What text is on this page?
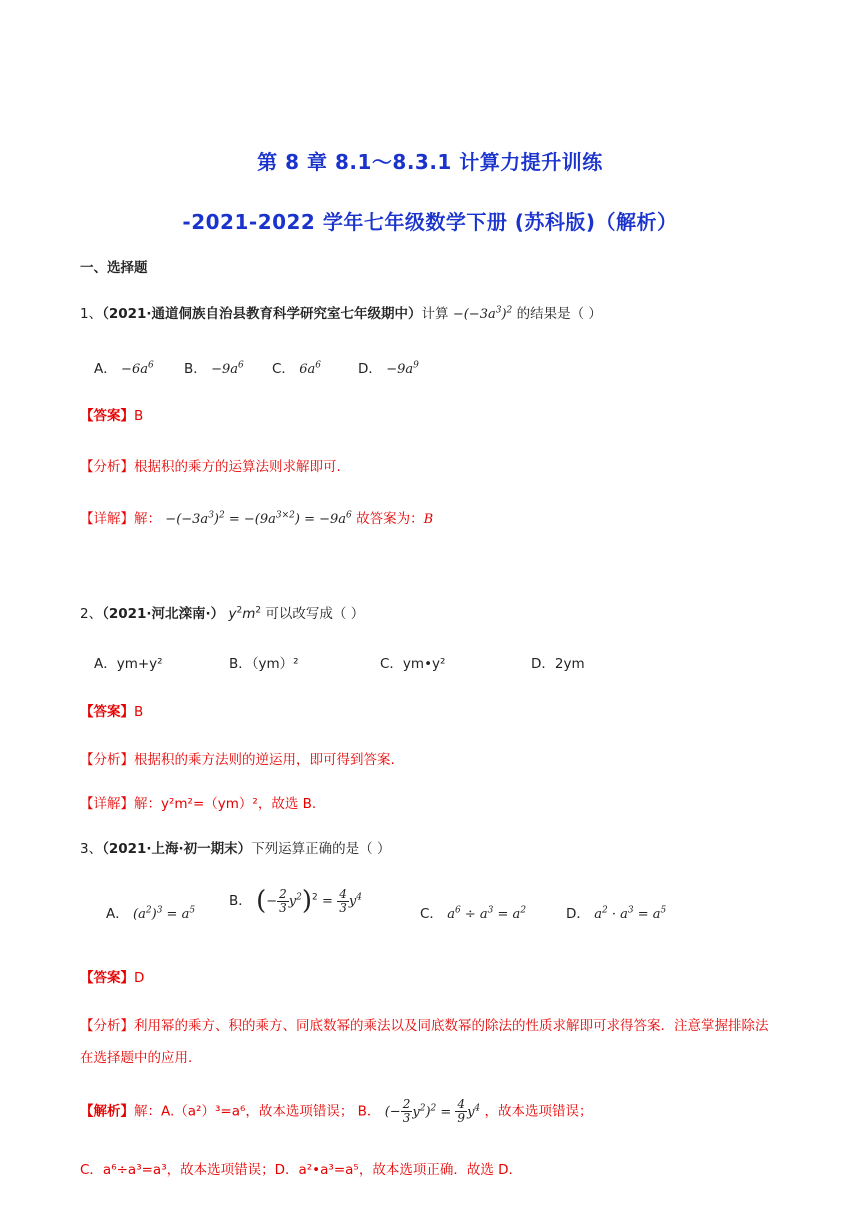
第 8 章 8.1～8.3.1 计算力提升训练
-2021-2022 学年七年级数学下册 (苏科版)（解析）
一、选择题
1、（2021·通道侗族自治县教育科学研究室七年级期中）计算 $-(-3a^3)^2$ 的结果是（ ）
A． $-6a^6$ B． $-9a^6$ C． $6a^6$	D． $-9a^9$
【答案】B
【分析】根据积的乘方的运算法则求解即可.
【详解】解： $-(-3a^3)^2 = -(9a^{3\times 2}) = -9a^6$ 故答案为：B
2、（2021·河北滦南·） $y^2m^2$ 可以改写成（ ）
A．ym+y²	B．（ym）²	C．ym•y²	D．2ym
【答案】B
【分析】根据积的乘方法则的逆运用，即可得到答案.
【详解】解：y²m²=（ym）²，故选 B.
3、（2021·上海·初一期末）下列运算正确的是（ ）
A． $(a^2)^3 = a^5$
B． (− $\frac{2}{3} y^2)^2 = \frac{4}{3} y^4$
C． $a^6 \div a^3 = a^2$	D． $a^2 \cdot a^3 = a^5$
【答案】D
【分析】利用幂的乘方、积的乘方、同底数幂的乘法以及同底数幂的除法的性质求解即可求得答案．注意掌握排除法在选择题中的应用.
【解析】解：A.（a²）³=a⁶，故本选项错误； B． (− $\frac{2}{3} y^2)^2 = \frac{4}{9} y^4$ ，故本选项错误；
C．a⁶÷a³=a³，故本选项错误；D．a²•a³=a⁵，故本选项正确．故选 D.
